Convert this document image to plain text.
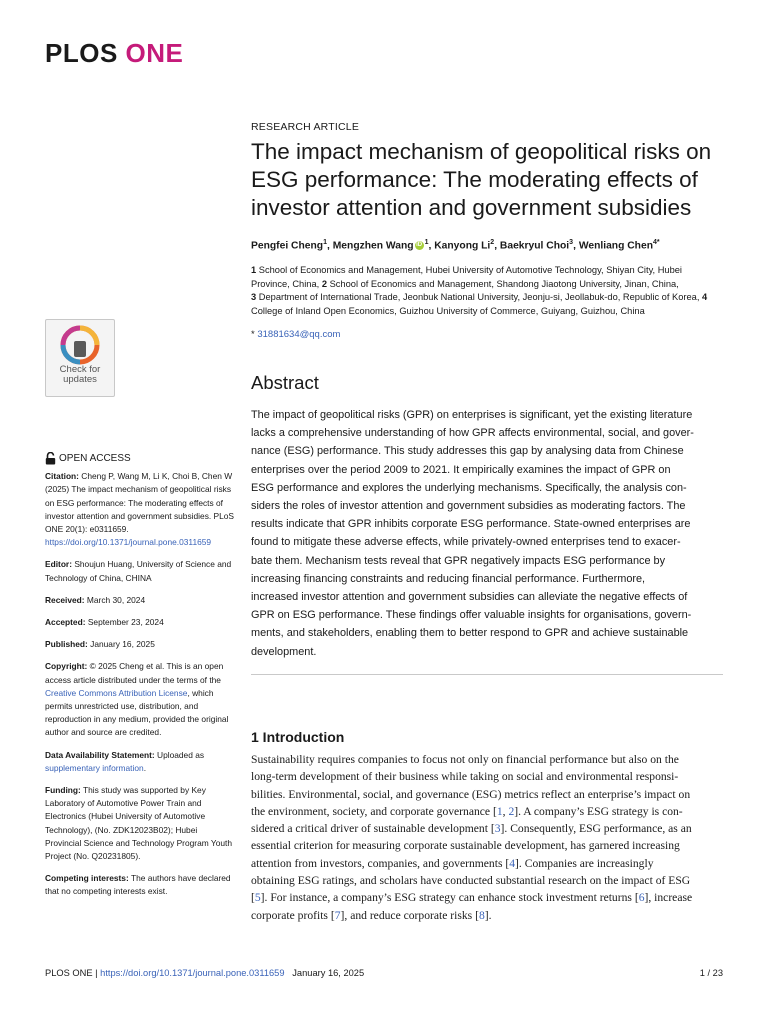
PLOS ONE
RESEARCH ARTICLE
The impact mechanism of geopolitical risks on ESG performance: The moderating effects of investor attention and government subsidies
Pengfei Cheng$^1$, Mengzhen Wang iD $^1$, Kanyong Li$^2$, Baekryul Choi$^3$, Wenliang Chen$^{4*}$
1 School of Economics and Management, Hubei University of Automotive Technology, Shiyan City, Hubei Province, China, 2 School of Economics and Management, Shandong Jiaotong University, Jinan, China,
3 Department of International Trade, Jeonbuk National University, Jeonju-si, Jeollabuk-do, Republic of Korea, 4 College of Inland Open Economics, Guizhou University of Commerce, Guiyang, Guizhou, China
* 31881634@qq.com
Check for
updates
OPEN ACCESS

Citation: Cheng P, Wang M, Li K, Choi B, Chen W (2025) The impact mechanism of geopolitical risks on ESG performance: The moderating effects of investor attention and government subsidies. PLoS ONE 20(1): e0311659. https://doi.org/10.1371/journal.pone.0311659

Editor: Shoujun Huang, University of Science and Technology of China, CHINA

Received: March 30, 2024

Accepted: September 23, 2024

Published: January 16, 2025

Copyright: © 2025 Cheng et al. This is an open access article distributed under the terms of the Creative Commons Attribution License, which permits unrestricted use, distribution, and reproduction in any medium, provided the original author and source are credited.

Data Availability Statement: Uploaded as supplementary information.

Funding: This study was supported by Key Laboratory of Automotive Power Train and Electronics (Hubei University of Automotive Technology), (No. ZDK12023B02); Hubei Provincial Science and Technology Program Youth Project (No. Q20231805).

Competing interests: The authors have declared that no competing interests exist.

Abstract
The impact of geopolitical risks (GPR) on enterprises is significant, yet the existing literature
lacks a comprehensive understanding of how GPR affects environmental, social, and gover-
nance (ESG) performance. This study addresses this gap by analysing data from Chinese
enterprises over the period 2009 to 2021. It empirically examines the impact of GPR on
ESG performance and explores the underlying mechanisms. Specifically, the analysis con-
siders the roles of investor attention and government subsidies as moderating factors. The
results indicate that GPR inhibits corporate ESG performance. State-owned enterprises are
found to mitigate these adverse effects, while privately-owned enterprises tend to exacer-
bate them. Mechanism tests reveal that GPR negatively impacts ESG performance by
increasing financing constraints and reducing financial performance. Furthermore,
increased investor attention and government subsidies can alleviate the negative effects of
GPR on ESG performance. These findings offer valuable insights for organisations, govern-
ments, and stakeholders, enabling them to better respond to GPR and achieve sustainable
development.
1 Introduction
Sustainability requires companies to focus not only on financial performance but also on the
long-term development of their business while taking on social and environmental responsi-
bilities. Environmental, social, and governance (ESG) metrics reflect an enterprise’s impact on
the environment, society, and corporate governance [1, 2]. A company’s ESG strategy is con-
sidered a critical driver of sustainable development [3]. Consequently, ESG performance, as an
essential criterion for measuring corporate sustainable development, has garnered increasing
attention from investors, companies, and governments [4]. Companies are increasingly
obtaining ESG ratings, and scholars have conducted substantial research on the impact of ESG
[5]. For instance, a company’s ESG strategy can enhance stock investment returns [6], increase
corporate profits [7], and reduce corporate risks [8].
PLOS ONE | https://doi.org/10.1371/journal.pone.0311659 January 16, 2025	1 / 23
